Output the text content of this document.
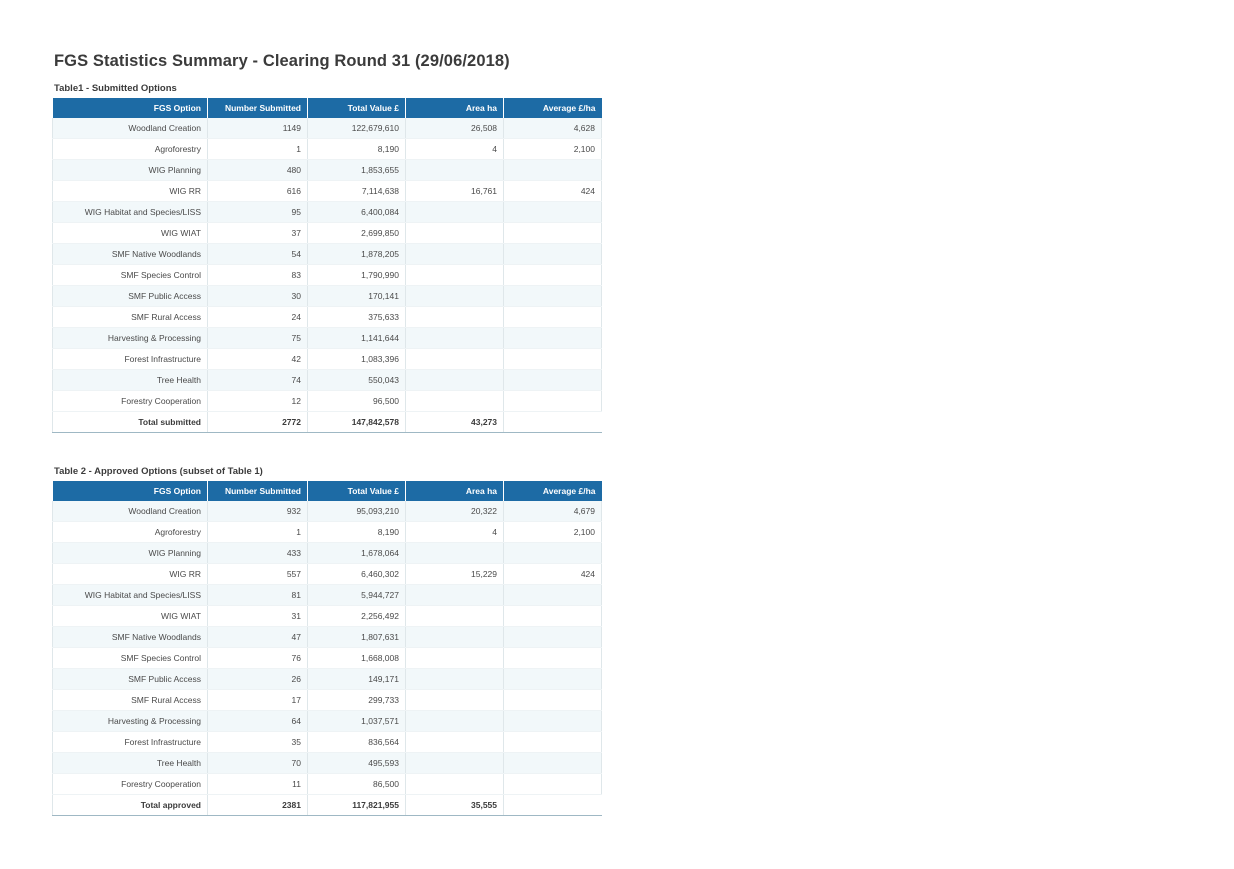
FGS Statistics Summary - Clearing Round 31 (29/06/2018)
Table1 - Submitted Options
FGS Option	Number Submitted	Total Value £	Area ha	Average £/ha
Woodland Creation	1149	122,679,610	26,508	4,628
Agroforestry	1	8,190	4	2,100
WIG Planning	480	1,853,655		
WIG RR	616	7,114,638	16,761	424
WIG Habitat and Species/LISS	95	6,400,084		
WIG WIAT	37	2,699,850		
SMF Native Woodlands	54	1,878,205		
SMF Species Control	83	1,790,990		
SMF Public Access	30	170,141		
SMF Rural Access	24	375,633		
Harvesting & Processing	75	1,141,644		
Forest Infrastructure	42	1,083,396		
Tree Health	74	550,043		
Forestry Cooperation	12	96,500		
Total submitted	2772	147,842,578	43,273	
Table 2 - Approved Options (subset of Table 1)
FGS Option	Number Submitted	Total Value £	Area ha	Average £/ha
Woodland Creation	932	95,093,210	20,322	4,679
Agroforestry	1	8,190	4	2,100
WIG Planning	433	1,678,064		
WIG RR	557	6,460,302	15,229	424
WIG Habitat and Species/LISS	81	5,944,727		
WIG WIAT	31	2,256,492		
SMF Native Woodlands	47	1,807,631		
SMF Species Control	76	1,668,008		
SMF Public Access	26	149,171		
SMF Rural Access	17	299,733		
Harvesting & Processing	64	1,037,571		
Forest Infrastructure	35	836,564		
Tree Health	70	495,593		
Forestry Cooperation	11	86,500		
Total approved	2381	117,821,955	35,555	
